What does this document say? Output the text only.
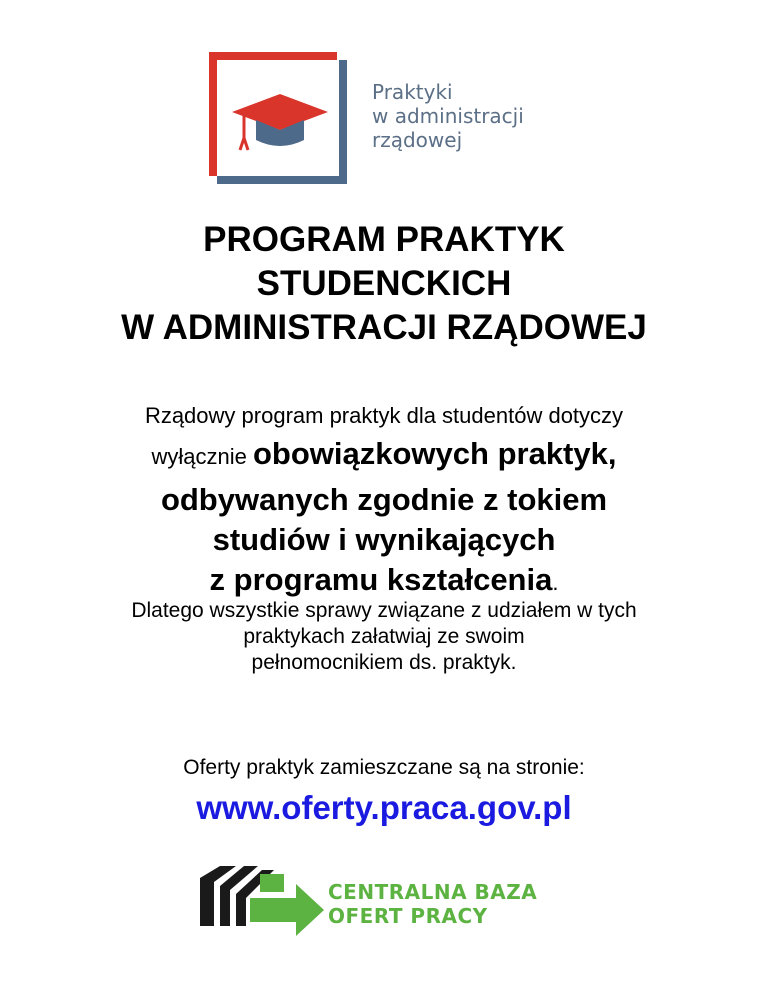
Praktyki
w administracji
rządowej
PROGRAM PRAKTYK
STUDENCKICH
W ADMINISTRACJI RZĄDOWEJ
Rządowy program praktyk dla studentów dotyczy
wyłącznie obowiązkowych praktyk,
odbywanych zgodnie z tokiem
studiów i wynikających
z programu kształcenia.
Dlatego wszystkie sprawy związane z udziałem w tych
praktykach załatwiaj ze swoim
pełnomocnikiem ds. praktyk.
Oferty praktyk zamieszczane są na stronie:
www.oferty.praca.gov.pl
CENTRALNA BAZA
OFERT PRACY
